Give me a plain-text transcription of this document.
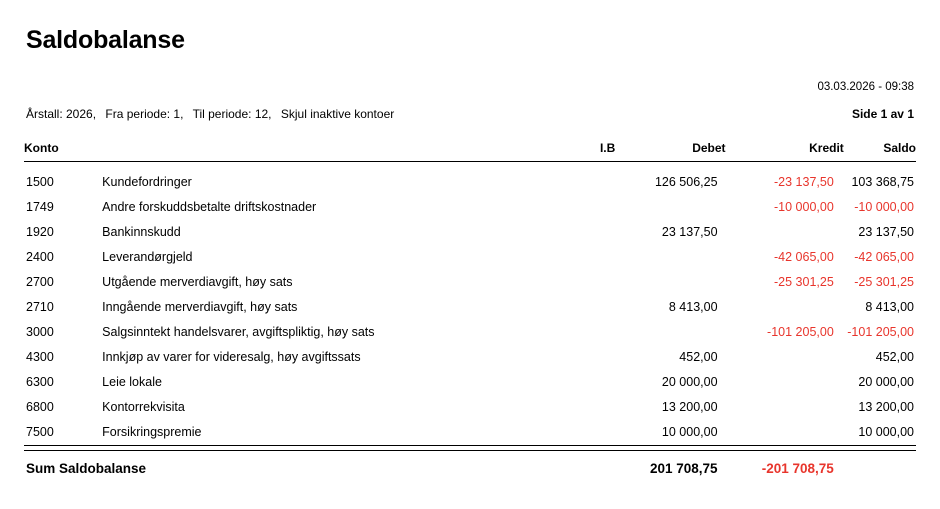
Saldobalanse
03.03.2026 - 09:38
Årstall: 2026, Fra periode: 1, Til periode: 12, Skjul inaktive kontoer	Side 1 av 1
Konto		I.B	Debet	Kredit	Saldo
1500	Kundefordringer		126 506,25	-23 137,50	103 368,75
1749	Andre forskuddsbetalte driftskostnader			-10 000,00	-10 000,00
1920	Bankinnskudd		23 137,50		23 137,50
2400	Leverandørgjeld			-42 065,00	-42 065,00
2700	Utgående merverdiavgift, høy sats			-25 301,25	-25 301,25
2710	Inngående merverdiavgift, høy sats		8 413,00		8 413,00
3000	Salgsinntekt handelsvarer, avgiftspliktig, høy sats			-101 205,00	-101 205,00
4300	Innkjøp av varer for videresalg, høy avgiftssats		452,00		452,00
6300	Leie lokale		20 000,00		20 000,00
6800	Kontorrekvisita		13 200,00		13 200,00
7500	Forsikringspremie		10 000,00		10 000,00

Sum Saldobalanse			201 708,75	-201 708,75	
